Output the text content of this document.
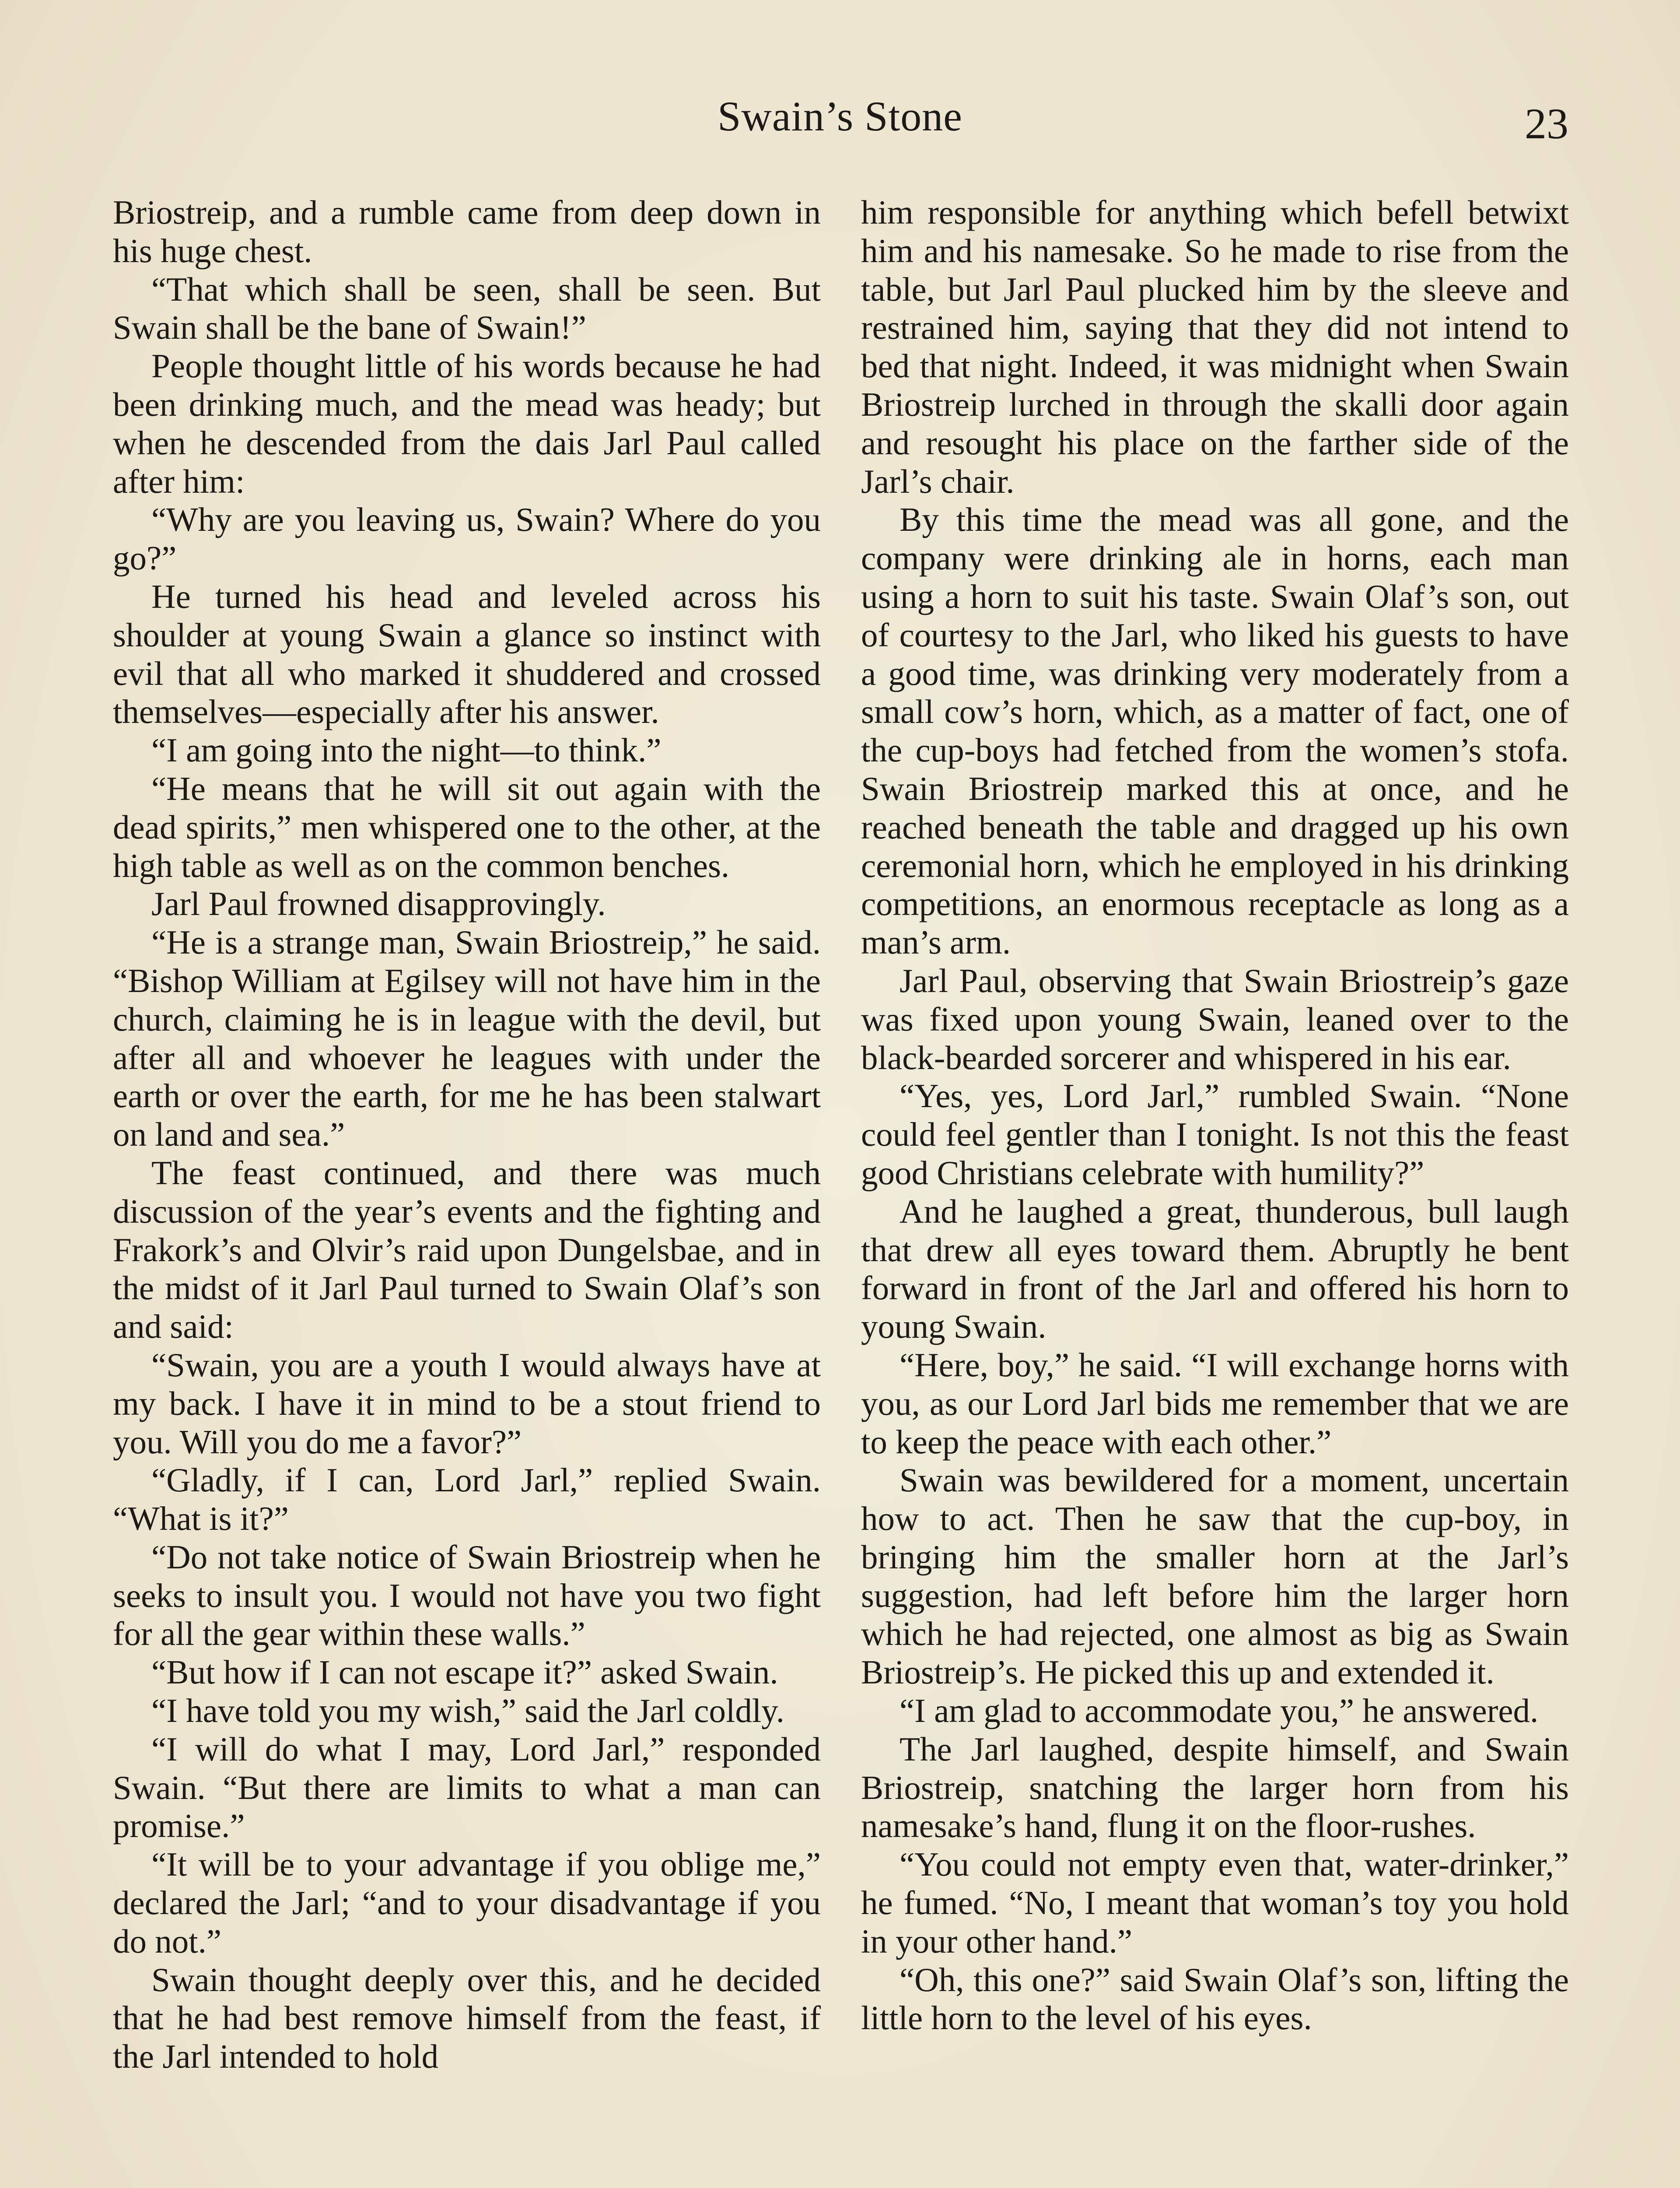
Swain’s Stone	23

Briostreip, and a rumble came from deep down in his huge chest.

“That which shall be seen, shall be seen. But Swain shall be the bane of Swain!”

People thought little of his words because he had been drinking much, and the mead was heady; but when he descended from the dais Jarl Paul called after him:

“Why are you leaving us, Swain? Where do you go?”

He turned his head and leveled across his shoulder at young Swain a glance so instinct with evil that all who marked it shuddered and crossed themselves—especially after his answer.

“I am going into the night—to think.”

“He means that he will sit out again with the dead spirits,” men whispered one to the other, at the high table as well as on the common benches.

Jarl Paul frowned disapprovingly.

“He is a strange man, Swain Briostreip,” he said. “Bishop William at Egilsey will not have him in the church, claiming he is in league with the devil, but after all and whoever he leagues with under the earth or over the earth, for me he has been stalwart on land and sea.”

The feast continued, and there was much discussion of the year’s events and the fighting and Frakork’s and Olvir’s raid upon Dungelsbae, and in the midst of it Jarl Paul turned to Swain Olaf’s son and said:

“Swain, you are a youth I would always have at my back. I have it in mind to be a stout friend to you. Will you do me a favor?”

“Gladly, if I can, Lord Jarl,” replied Swain. “What is it?”

“Do not take notice of Swain Briostreip when he seeks to insult you. I would not have you two fight for all the gear within these walls.”

“But how if I can not escape it?” asked Swain.

“I have told you my wish,” said the Jarl coldly.

“I will do what I may, Lord Jarl,” responded Swain. “But there are limits to what a man can promise.”

“It will be to your advantage if you oblige me,” declared the Jarl; “and to your disadvantage if you do not.”

Swain thought deeply over this, and he decided that he had best remove himself from the feast, if the Jarl intended to hold

him responsible for anything which befell betwixt him and his namesake. So he made to rise from the table, but Jarl Paul plucked him by the sleeve and restrained him, saying that they did not intend to bed that night. Indeed, it was midnight when Swain Briostreip lurched in through the skalli door again and resought his place on the farther side of the Jarl’s chair.

By this time the mead was all gone, and the company were drinking ale in horns, each man using a horn to suit his taste. Swain Olaf’s son, out of courtesy to the Jarl, who liked his guests to have a good time, was drinking very moderately from a small cow’s horn, which, as a matter of fact, one of the cup-boys had fetched from the women’s stofa. Swain Briostreip marked this at once, and he reached beneath the table and dragged up his own ceremonial horn, which he employed in his drinking competitions, an enormous receptacle as long as a man’s arm.

Jarl Paul, observing that Swain Briostreip’s gaze was fixed upon young Swain, leaned over to the black-bearded sorcerer and whispered in his ear.

“Yes, yes, Lord Jarl,” rumbled Swain. “None could feel gentler than I tonight. Is not this the feast good Christians celebrate with humility?”

And he laughed a great, thunderous, bull laugh that drew all eyes toward them. Abruptly he bent forward in front of the Jarl and offered his horn to young Swain.

“Here, boy,” he said. “I will exchange horns with you, as our Lord Jarl bids me remember that we are to keep the peace with each other.”

Swain was bewildered for a moment, uncertain how to act. Then he saw that the cup-boy, in bringing him the smaller horn at the Jarl’s suggestion, had left before him the larger horn which he had rejected, one almost as big as Swain Briostreip’s. He picked this up and extended it.

“I am glad to accommodate you,” he answered.

The Jarl laughed, despite himself, and Swain Briostreip, snatching the larger horn from his namesake’s hand, flung it on the floor-rushes.

“You could not empty even that, water-drinker,” he fumed. “No, I meant that woman’s toy you hold in your other hand.”

“Oh, this one?” said Swain Olaf’s son, lifting the little horn to the level of his eyes.
